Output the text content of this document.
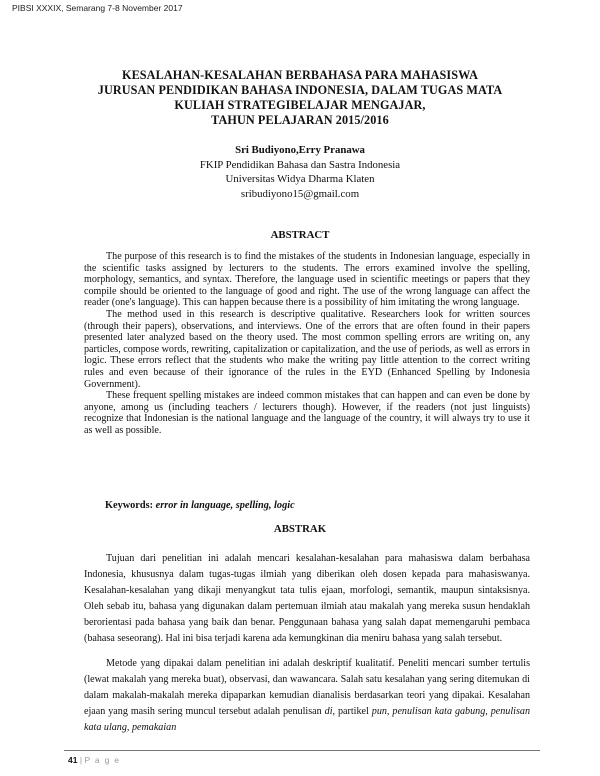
PIBSI XXXIX, Semarang 7-8 November 2017
KESALAHAN-KESALAHAN BERBAHASA PARA MAHASISWA
JURUSAN PENDIDIKAN BAHASA INDONESIA, DALAM TUGAS MATA
KULIAH STRATEGIBELAJAR MENGAJAR,
TAHUN PELAJARAN 2015/2016
Sri Budiyono,Erry Pranawa
FKIP Pendidikan Bahasa dan Sastra Indonesia
Universitas Widya Dharma Klaten
sribudiyono15@gmail.com
ABSTRACT

The purpose of this research is to find the mistakes of the students in Indonesian language, especially in the scientific tasks assigned by lecturers to the students. The errors examined involve the spelling, morphology, semantics, and syntax. Therefore, the language used in scientific meetings or papers that they compile should be oriented to the language of good and right. The use of the wrong language can affect the reader (one's language). This can happen because there is a possibility of him imitating the wrong language.

The method used in this research is descriptive qualitative. Researchers look for written sources (through their papers), observations, and interviews. One of the errors that are often found in their papers presented later analyzed based on the theory used. The most common spelling errors are writing on, any particles, compose words, rewriting, capitalization or capitalization, and the use of periods, as well as errors in logic. These errors reflect that the students who make the writing pay little attention to the correct writing rules and even because of their ignorance of the rules in the EYD (Enhanced Spelling by Indonesia Government).

These frequent spelling mistakes are indeed common mistakes that can happen and can even be done by anyone, among us (including teachers / lecturers though). However, if the readers (not just linguists) recognize that Indonesian is the national language and the language of the country, it will always try to use it as well as possible.

Keywords: error in language, spelling, logic
ABSTRAK

Tujuan dari penelitian ini adalah mencari kesalahan-kesalahan para mahasiswa dalam berbahasa Indonesia, khususnya dalam tugas-tugas ilmiah yang diberikan oleh dosen kepada para mahasiswanya. Kesalahan-kesalahan yang dikaji menyangkut tata tulis ejaan, morfologi, semantik, maupun sintaksisnya. Oleh sebab itu, bahasa yang digunakan dalam pertemuan ilmiah atau makalah yang mereka susun hendaklah berorientasi pada bahasa yang baik dan benar. Penggunaan bahasa yang salah dapat memengaruhi pembaca (bahasa seseorang). Hal ini bisa terjadi karena ada kemungkinan dia meniru bahasa yang salah tersebut.

Metode yang dipakai dalam penelitian ini adalah deskriptif kualitatif. Peneliti mencari sumber tertulis (lewat makalah yang mereka buat), observasi, dan wawancara. Salah satu kesalahan yang sering ditemukan di dalam makalah-makalah mereka dipaparkan kemudian dianalisis berdasarkan teori yang dipakai. Kesalahan ejaan yang masih sering muncul tersebut adalah penulisan di, partikel pun, penulisan kata gabung, penulisan kata ulang, pemakaian

41 | P a g e
